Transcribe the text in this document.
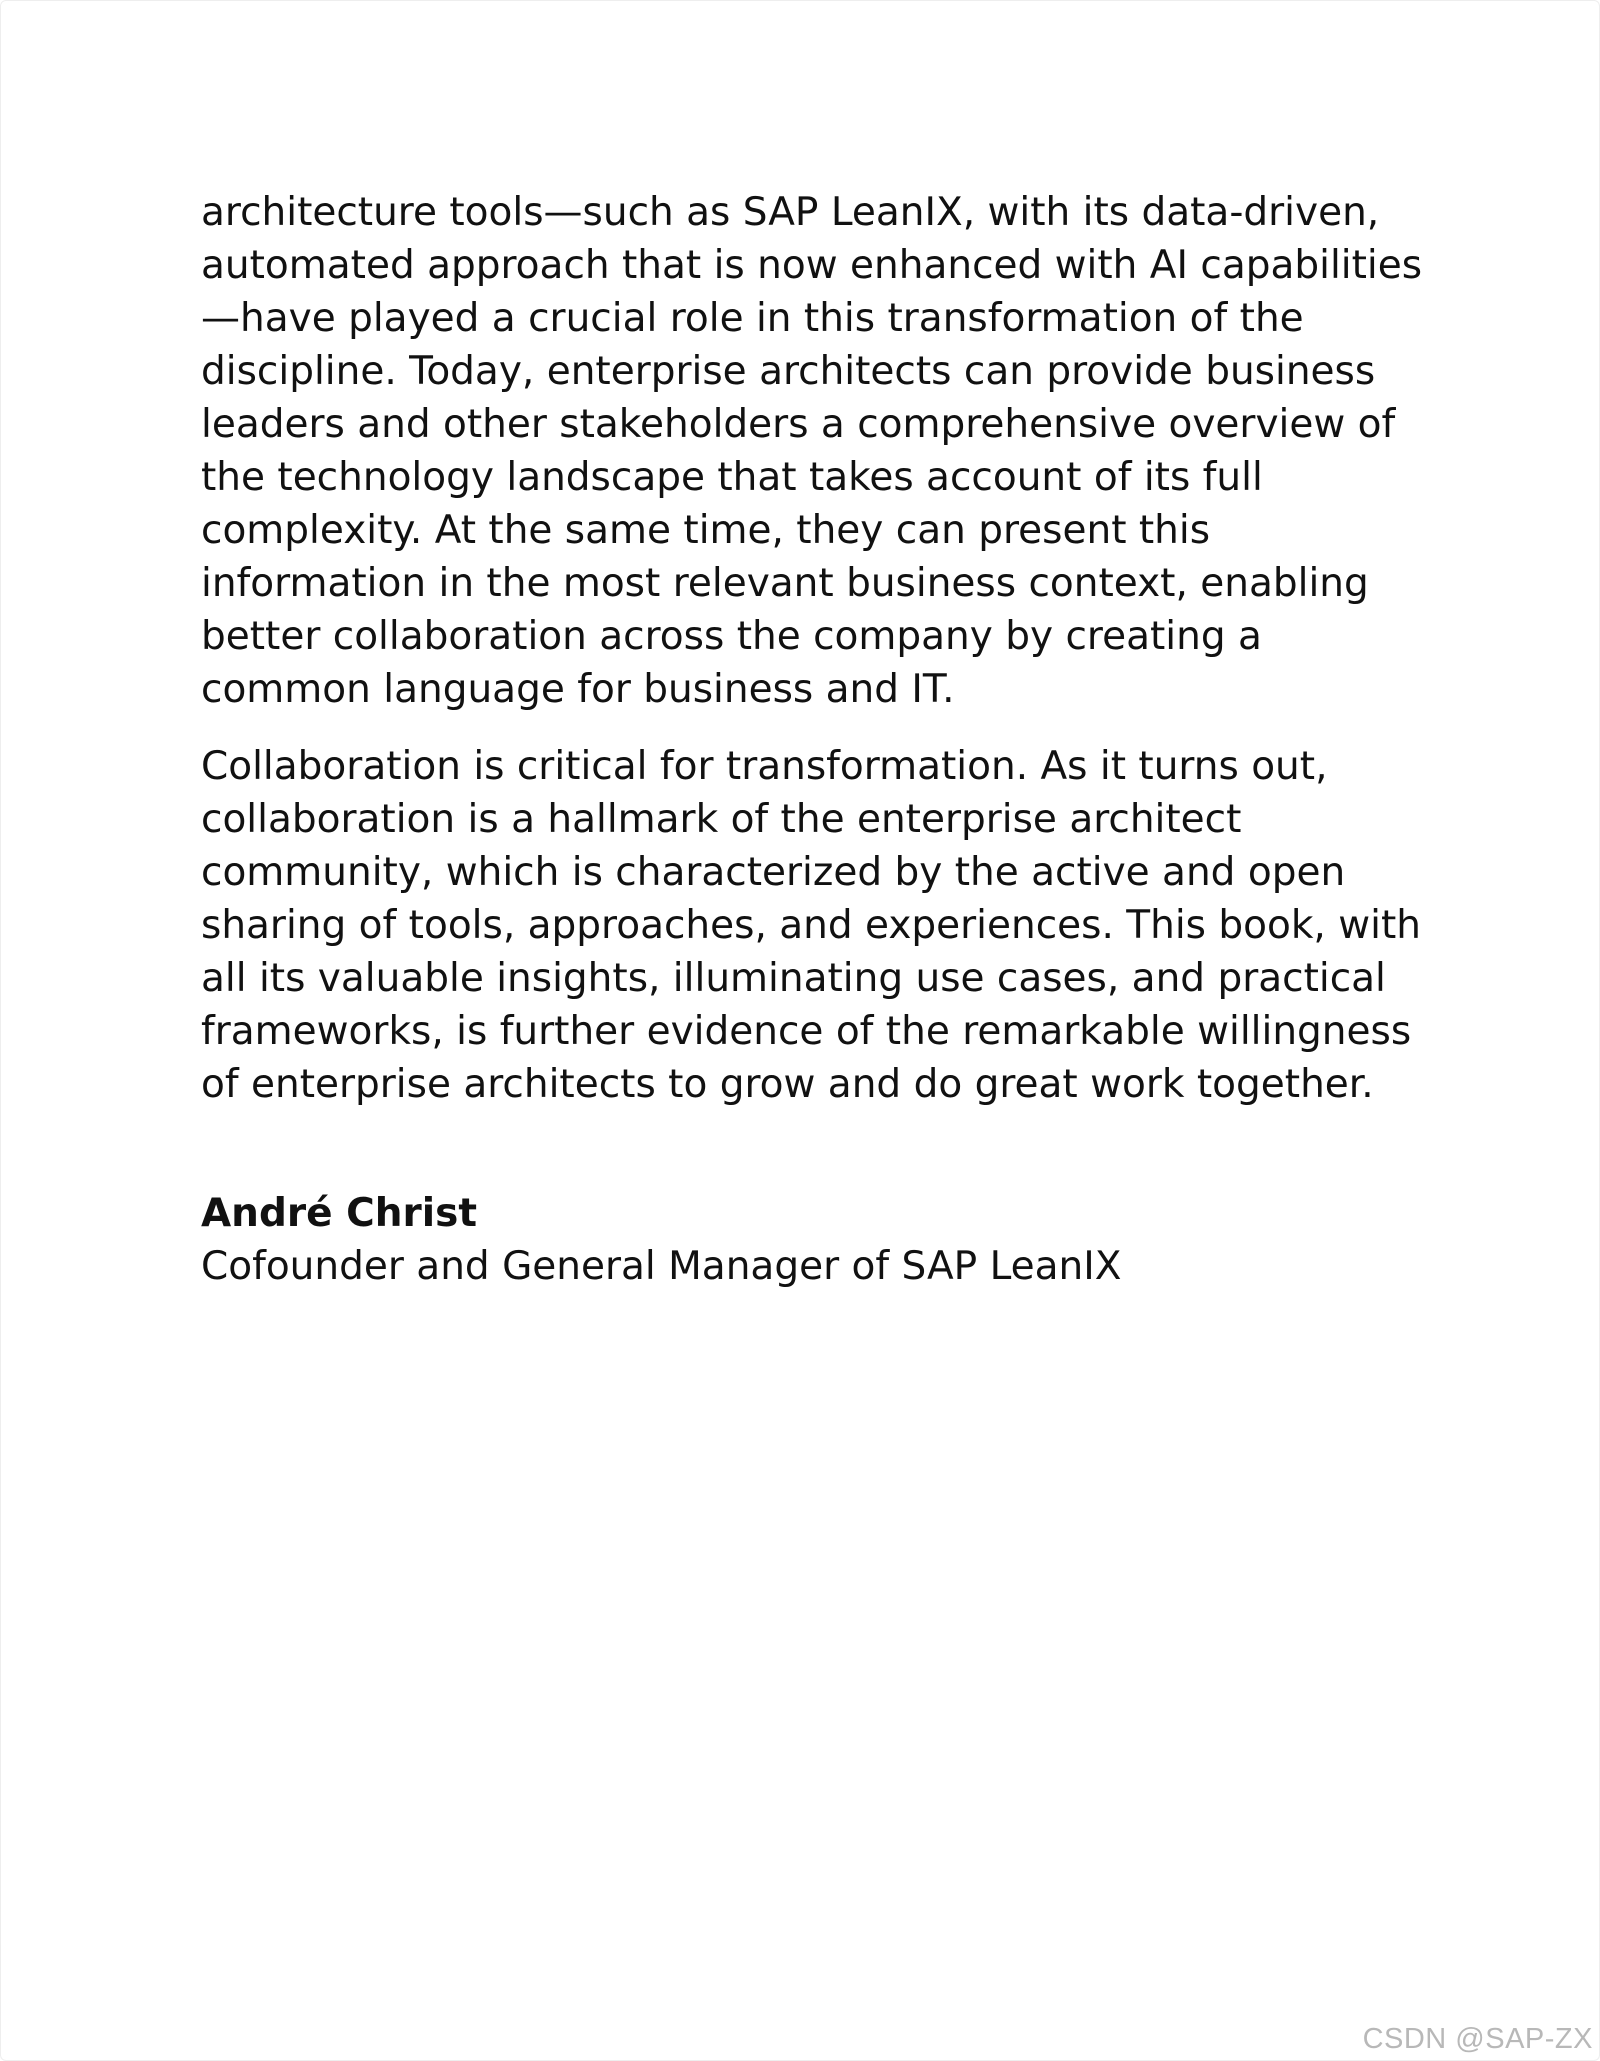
architecture tools—such as SAP LeanIX, with its data-driven, automated approach that is now enhanced with AI capabilities—have played a crucial role in this transformation of the discipline. Today, enterprise architects can provide business leaders and other stakeholders a comprehensive overview of the technology landscape that takes account of its full complexity. At the same time, they can present this information in the most relevant business context, enabling better collaboration across the company by creating a common language for business and IT.

Collaboration is critical for transformation. As it turns out, collaboration is a hallmark of the enterprise architect community, which is characterized by the active and open sharing of tools, approaches, and experiences. This book, with all its valuable insights, illuminating use cases, and practical frameworks, is further evidence of the remarkable willingness of enterprise architects to grow and do great work together.

André Christ
Cofounder and General Manager of SAP LeanIX
CSDN @SAP-ZX
